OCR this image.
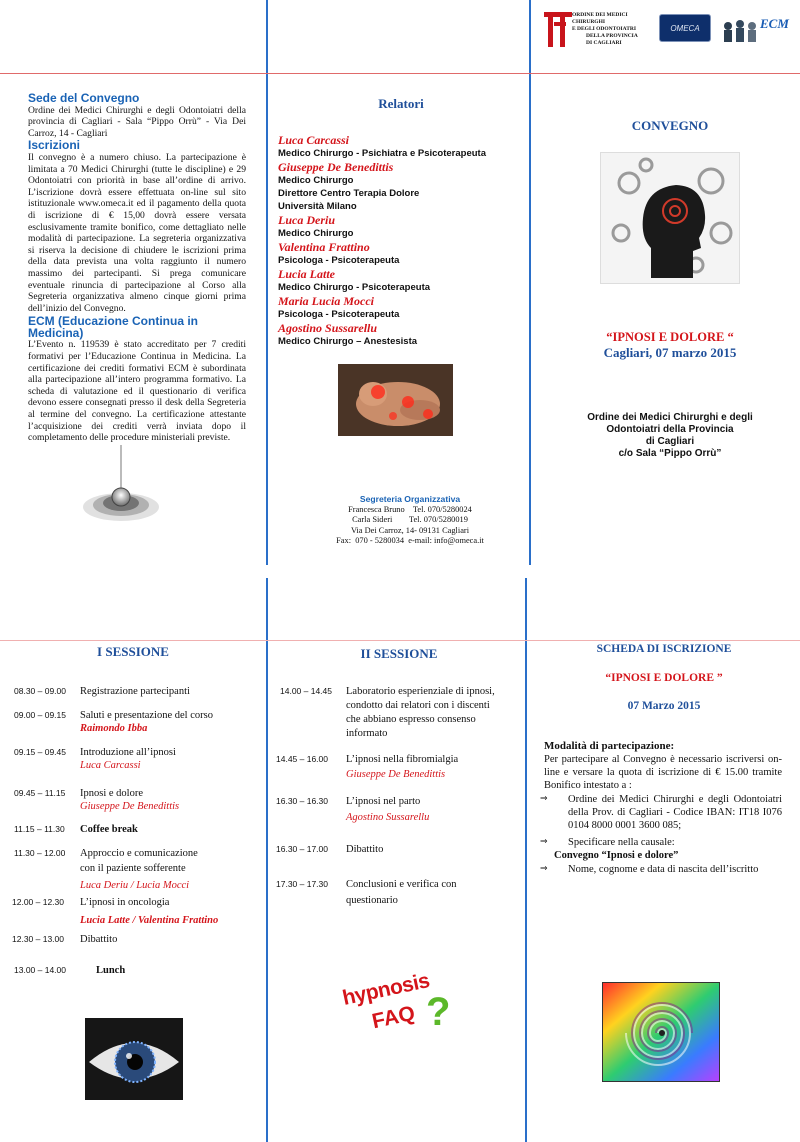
ORDINE DEI MEDICI CHIRURGHI
E DEGLI ODONTOIATRI
DELLA PROVINCIA
DI CAGLIARI
OMECA	ECM
Sede del Convegno

Ordine dei Medici Chirurghi e degli Odontoiatri della provincia di Cagliari - Sala “Pippo Orrù” - Via Dei Carroz, 14 - Cagliari

Iscrizioni

Il convegno è a numero chiuso. La partecipazione è limitata a 70 Medici Chirurghi (tutte le discipline) e 29 Odontoiatri con priorità in base all’ordine di arrivo. L’iscrizione dovrà essere effettuata on-line sul sito istituzionale www.omeca.it ed il pagamento della quota di iscrizione di € 15,00 dovrà essere versata esclusivamente tramite bonifico, come dettagliato nelle modalità di partecipazione. La segreteria organizzativa si riserva la decisione di chiudere le iscrizioni prima della data prevista una volta raggiunto il numero massimo dei partecipanti. Si prega comunicare eventuale rinuncia di partecipazione al Corso alla Segreteria organizzativa almeno cinque giorni prima dell’inizio del Convegno.

ECM (Educazione Continua in Medicina)

L’Evento n. 119539 è stato accreditato per 7 crediti formativi per l’Educazione Continua in Medicina. La certificazione dei crediti formativi ECM è subordinata alla partecipazione all’intero programma formativo. La scheda di valutazione ed il questionario di verifica devono essere consegnati presso il desk della Segreteria al termine del convegno. La certificazione attestante l’acquisizione dei crediti verrà inviata dopo il completamento delle procedure ministeriali previste.

Relatori
Luca Carcassi
Medico Chirurgo - Psichiatra e Psicoterapeuta
Giuseppe De Benedittis
Medico Chirurgo
Direttore Centro Terapia Dolore
Università Milano
Luca Deriu
Medico Chirurgo
Valentina Frattino
Psicologa - Psicoterapeuta
Lucia Latte
Medico Chirurgo - Psicoterapeuta
Maria Lucia Mocci
Psicologa - Psicoterapeuta
Agostino Sussarellu
Medico Chirurgo – Anestesista
Segreteria Organizzativa
Francesca Bruno    Tel. 070/5280024
Carla Sideri        Tel. 070/5280019
Via Dei Carroz, 14- 09131 Cagliari
Fax:  070 - 5280034  e-mail: info@omeca.it
CONVEGNO
“IPNOSI E DOLORE “
Cagliari, 07 marzo 2015
Ordine dei Medici Chirurghi e degli
Odontoiatri della Provincia
di Cagliari
c/o Sala “Pippo Orrù”
I SESSIONE
08.30 – 09.00 Registrazione partecipanti
09.00 – 09.15 Saluti e presentazione del corso
Raimondo Ibba
09.15 – 09.45 Introduzione all’ipnosi
Luca Carcassi
09.45 – 11.15 Ipnosi e dolore
Giuseppe De Benedittis
11.15 – 11.30 Coffee break
11.30 – 12.00 Approccio e comunicazione
con il paziente sofferente
Luca Deriu / Lucia Mocci
12.00 – 12.30 L’ipnosi in oncologia
Lucia Latte / Valentina Frattino
12.30 – 13.00 Dibattito
13.00 – 14.00	Lunch
II SESSIONE
14.00 – 14.45 Laboratorio esperienziale di ipnosi,
condotto dai relatori con i discenti
che abbiano espresso consenso
informato
14.45 – 16.00 L’ipnosi nella fibromialgia
Giuseppe De Benedittis
16.30 – 16.30 L’ipnosi nel parto
Agostino Sussarellu
16.30 – 17.00 Dibattito
17.30 – 17.30 Conclusioni e verifica con
questionario
hypnosis
FAQ ?
SCHEDA DI ISCRIZIONE
“IPNOSI E DOLORE ”
07 Marzo 2015
Modalità di partecipazione:

Per partecipare al Convegno è necessario iscriversi on-line e versare la quota di iscrizione di € 15.00 tramite Bonifico intestato a :

⇒ Ordine dei Medici Chirurghi e degli Odontoiatri della Prov. di Cagliari - Codice IBAN: IT18 I076 0104 8000 0001 3600 085;

⇒ Specificare nella causale:

Convegno “Ipnosi e dolore”

⇒ Nome, cognome e data di nascita dell’iscritto
